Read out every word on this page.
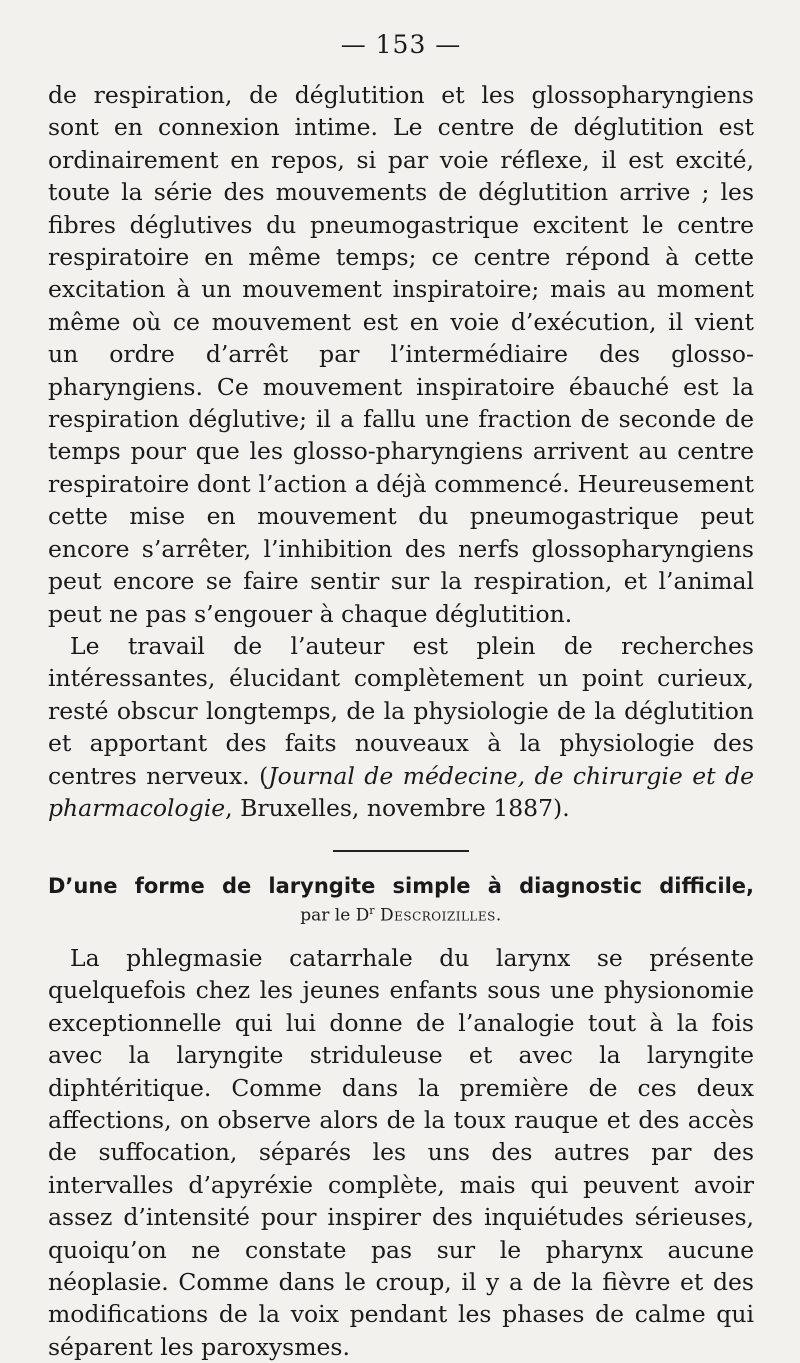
— 153 —

de respiration, de déglutition et les glossopharyngiens sont en connexion intime. Le centre de déglutition est ordinairement en repos, si par voie réflexe, il est excité, toute la série des mouvements de déglutition arrive ; les fibres déglutives du pneumogastrique excitent le centre respiratoire en même temps; ce centre répond à cette excitation à un mouvement inspiratoire; mais au moment même où ce mouvement est en voie d’exécution, il vient un ordre d’arrêt par l’intermédiaire des glosso-pharyngiens. Ce mouvement inspiratoire ébauché est la respiration déglutive; il a fallu une fraction de seconde de temps pour que les glosso-pharyngiens arrivent au centre respiratoire dont l’action a déjà commencé. Heureusement cette mise en mouvement du pneumogastrique peut encore s’arrêter, l’inhibition des nerfs glossopharyngiens peut encore se faire sentir sur la respiration, et l’animal peut ne pas s’engouer à chaque déglutition.

Le travail de l’auteur est plein de recherches intéressantes, élucidant complètement un point curieux, resté obscur longtemps, de la physiologie de la déglutition et apportant des faits nouveaux à la physiologie des centres nerveux. (Journal de médecine, de chirurgie et de pharmacologie, Bruxelles, novembre 1887).

D’une forme de laryngite simple à diagnostic difficile,
par le $D^r$ Descroizilles.

La phlegmasie catarrhale du larynx se présente quelquefois chez les jeunes enfants sous une physionomie exceptionnelle qui lui donne de l’analogie tout à la fois avec la laryngite striduleuse et avec la laryngite diphtéritique. Comme dans la première de ces deux affections, on observe alors de la toux rauque et des accès de suffocation, séparés les uns des autres par des intervalles d’apyréxie complète, mais qui peuvent avoir assez d’intensité pour inspirer des inquiétudes sérieuses, quoiqu’on ne constate pas sur le pharynx aucune néoplasie. Comme dans le croup, il y a de la fièvre et des modifications de la voix pendant les phases de calme qui séparent les paroxysmes.
